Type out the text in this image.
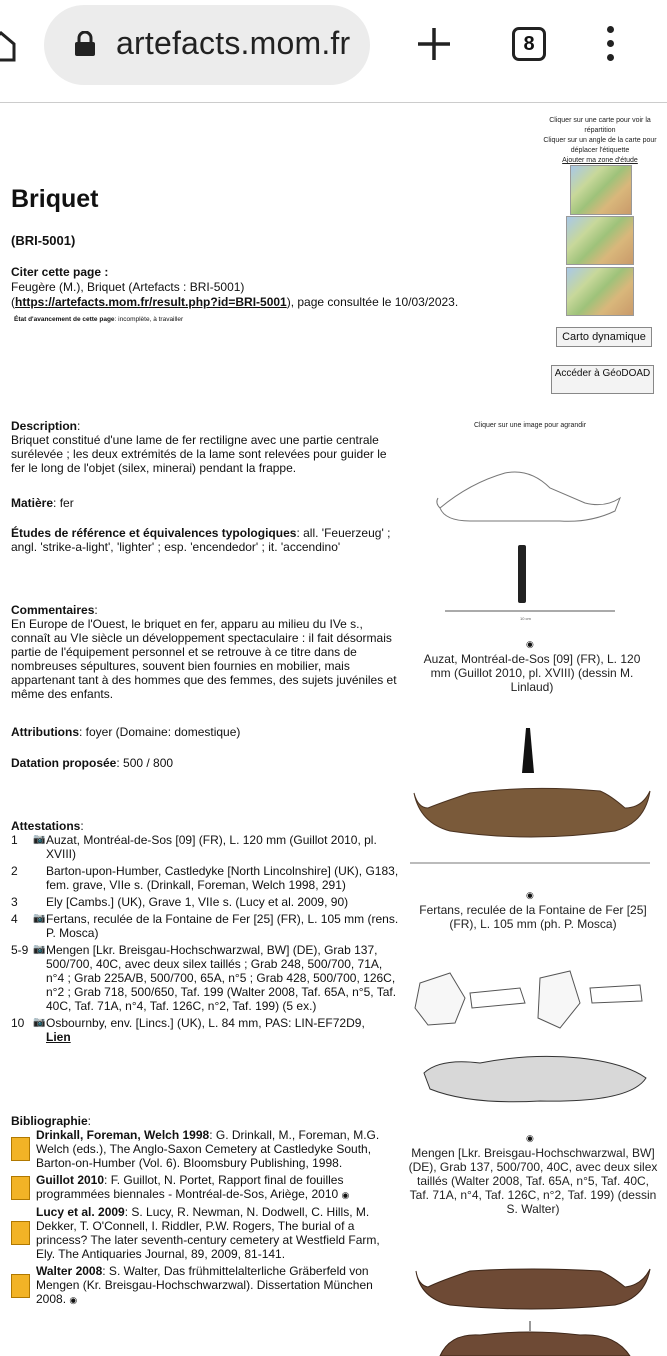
artefacts.mom.fr	8
Cliquer sur une carte pour voir la répartition
Cliquer sur un angle de la carte pour déplacer l'étiquette
Ajouter ma zone d'étude
Carto dynamique
Accéder à GéoDOAD
Briquet
(BRI-5001)
Citer cette page :
Feugère (M.), Briquet (Artefacts : BRI-5001)
(https://artefacts.mom.fr/result.php?id=BRI-5001), page consultée le 10/03/2023.
État d'avancement de cette page: incomplète, à travailler
Description:
Briquet constitué d'une lame de fer rectiligne avec une partie centrale surélevée ; les deux extrémités de la lame sont relevées pour guider le fer le long de l'objet (silex, minerai) pendant la frappe.
Matière: fer
Études de référence et équivalences typologiques: all. 'Feuerzeug' ; angl. 'strike-a-light', 'lighter' ; esp. 'encendedor' ; it. 'accendino'
Commentaires:
En Europe de l'Ouest, le briquet en fer, apparu au milieu du IVe s., connaît au VIe siècle un développement spectaculaire : il fait désormais partie de l'équipement personnel et se retrouve à ce titre dans de nombreuses sépultures, souvent bien fournies en mobilier, mais appartenant tant à des hommes que des femmes, des sujets juvéniles et même des enfants.
Attributions: foyer (Domaine: domestique)
Datation proposée: 500 / 800
Attestations:
1	📷 Auzat, Montréal-de-Sos [09] (FR), L. 120 mm (Guillot 2010, pl. XVIII)
2	Barton-upon-Humber, Castledyke [North Lincolnshire] (UK), G183, fem. grave, VIIe s. (Drinkall, Foreman, Welch 1998, 291)
3	Ely [Cambs.] (UK), Grave 1, VIIe s. (Lucy et al. 2009, 90)
4	📷 Fertans, reculée de la Fontaine de Fer [25] (FR), L. 105 mm (rens. P. Mosca)
5-9 📷 Mengen [Lkr. Breisgau-Hochschwarzwal, BW] (DE), Grab 137, 500/700, 40C, avec deux silex taillés ; Grab 248, 500/700, 71A, n°4 ; Grab 225A/B, 500/700, 65A, n°5 ; Grab 428, 500/700, 126C, n°2 ; Grab 718, 500/650, Taf. 199 (Walter 2008, Taf. 65A, n°5, Taf. 40C, Taf. 71A, n°4, Taf. 126C, n°2, Taf. 199) (5 ex.)
10 📷 Osbournby, env. [Lincs.] (UK), L. 84 mm, PAS: LIN-EF72D9,
Lien
Bibliographie:
Drinkall, Foreman, Welch 1998: G. Drinkall, M., Foreman, M.G. Welch (eds.), The Anglo-Saxon Cemetery at Castledyke South, Barton-on-Humber (Vol. 6). Bloomsbury Publishing, 1998.
Guillot 2010: F. Guillot, N. Portet, Rapport final de fouilles programmées biennales - Montréal-de-Sos, Ariège, 2010 ◉
Lucy et al. 2009: S. Lucy, R. Newman, N. Dodwell, C. Hills, M. Dekker, T. O'Connell, I. Riddler, P.W. Rogers, The burial of a princess? The later seventh-century cemetery at Westfield Farm, Ely. The Antiquaries Journal, 89, 2009, 81-141.
Walter 2008: S. Walter, Das frühmittelalterliche Gräberfeld von Mengen (Kr. Breisgau-Hochschwarzwal). Dissertation München 2008. ◉
Cliquer sur une image pour agrandir
10 cm
◉
Auzat, Montréal-de-Sos [09] (FR), L. 120 mm (Guillot 2010, pl. XVIII) (dessin M. Linlaud)
◉
Fertans, reculée de la Fontaine de Fer [25] (FR), L. 105 mm (ph. P. Mosca)
◉
Mengen [Lkr. Breisgau-Hochschwarzwal, BW] (DE), Grab 137, 500/700, 40C, avec deux silex taillés (Walter 2008, Taf. 65A, n°5, Taf. 40C, Taf. 71A, n°4, Taf. 126C, n°2, Taf. 199) (dessin S. Walter)
